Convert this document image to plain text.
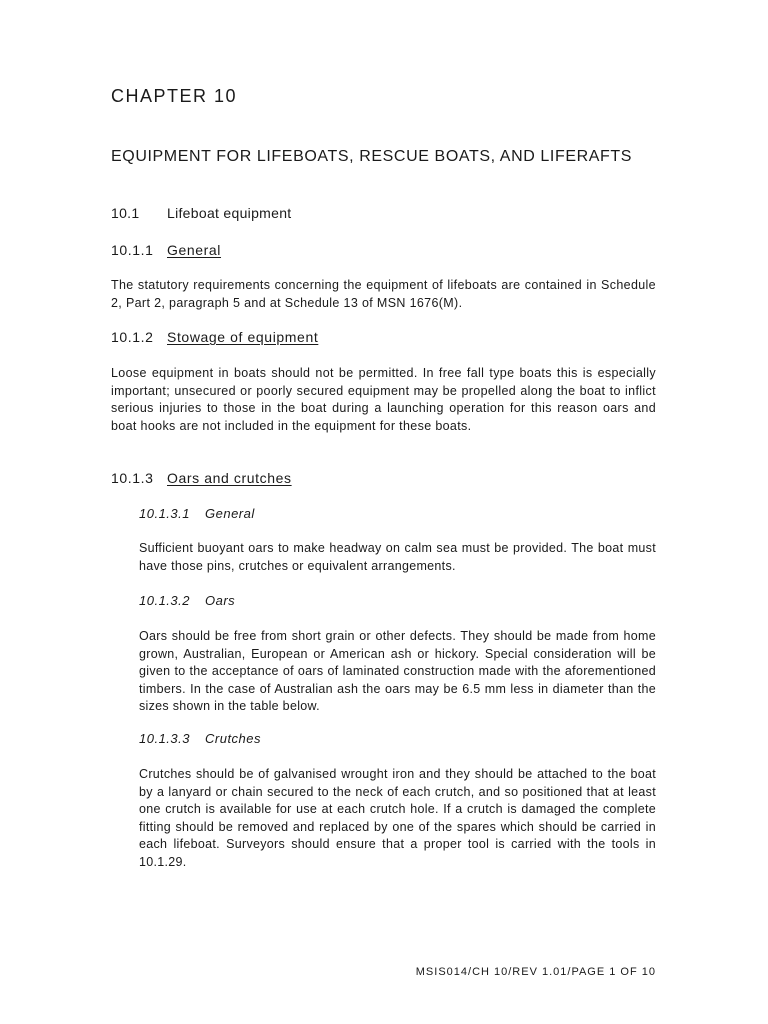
CHAPTER 10
EQUIPMENT FOR LIFEBOATS, RESCUE BOATS, AND LIFERAFTS
10.1 Lifeboat equipment
10.1.1 General
The statutory requirements concerning the equipment of lifeboats are contained in Schedule 2, Part 2, paragraph 5 and at Schedule 13 of MSN 1676(M).
10.1.2 Stowage of equipment
Loose equipment in boats should not be permitted. In free fall type boats this is especially important; unsecured or poorly secured equipment may be propelled along the boat to inflict serious injuries to those in the boat during a launching operation for this reason oars and boat hooks are not included in the equipment for these boats.
10.1.3 Oars and crutches
10.1.3.1 General
Sufficient buoyant oars to make headway on calm sea must be provided. The boat must have those pins, crutches or equivalent arrangements.
10.1.3.2 Oars
Oars should be free from short grain or other defects. They should be made from home grown, Australian, European or American ash or hickory. Special consideration will be given to the acceptance of oars of laminated construction made with the aforementioned timbers. In the case of Australian ash the oars may be 6.5 mm less in diameter than the sizes shown in the table below.
10.1.3.3 Crutches
Crutches should be of galvanised wrought iron and they should be attached to the boat by a lanyard or chain secured to the neck of each crutch, and so positioned that at least one crutch is available for use at each crutch hole. If a crutch is damaged the complete fitting should be removed and replaced by one of the spares which should be carried in each lifeboat. Surveyors should ensure that a proper tool is carried with the tools in 10.1.29.
MSIS014/CH 10/REV 1.01/PAGE 1 OF 10
